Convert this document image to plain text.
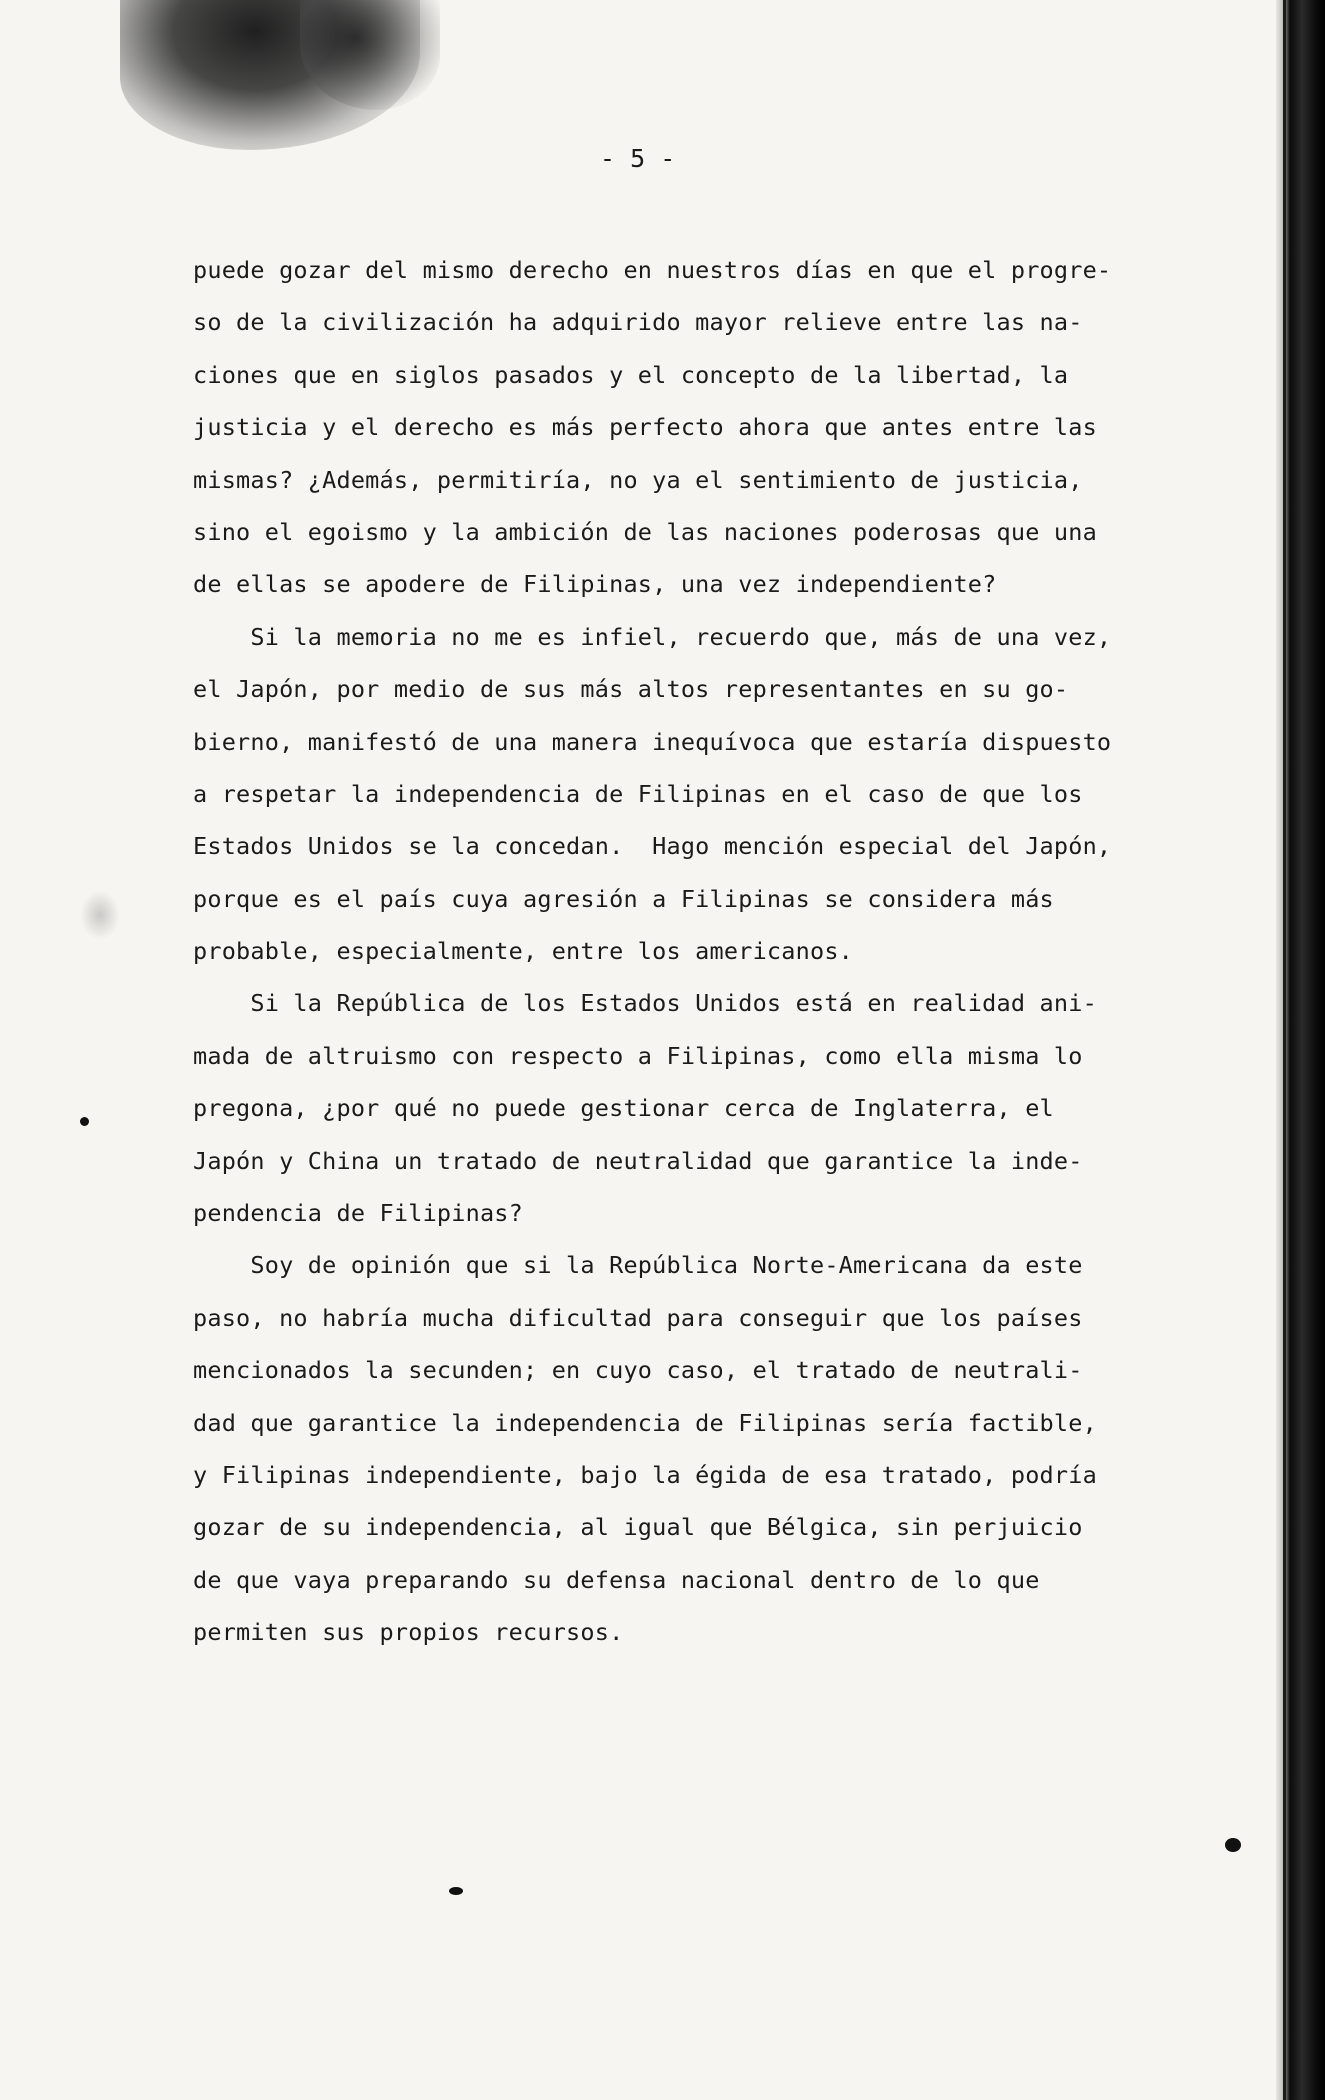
- 5 -
puede gozar del mismo derecho en nuestros días en que el progre-
so de la civilización ha adquirido mayor relieve entre las na-
ciones que en siglos pasados y el concepto de la libertad, la
justicia y el derecho es más perfecto ahora que antes entre las
mismas? ¿Además, permitiría, no ya el sentimiento de justicia,
sino el egoismo y la ambición de las naciones poderosas que una
de ellas se apodere de Filipinas, una vez independiente?
Si la memoria no me es infiel, recuerdo que, más de una vez,
el Japón, por medio de sus más altos representantes en su go-
bierno, manifestó de una manera inequívoca que estaría dispuesto
a respetar la independencia de Filipinas en el caso de que los
Estados Unidos se la concedan.  Hago mención especial del Japón,
porque es el país cuya agresión a Filipinas se considera más
probable, especialmente, entre los americanos.
Si la República de los Estados Unidos está en realidad ani-
mada de altruismo con respecto a Filipinas, como ella misma lo
pregona, ¿por qué no puede gestionar cerca de Inglaterra, el
Japón y China un tratado de neutralidad que garantice la inde-
pendencia de Filipinas?
Soy de opinión que si la República Norte-Americana da este
paso, no habría mucha dificultad para conseguir que los países
mencionados la secunden; en cuyo caso, el tratado de neutrali-
dad que garantice la independencia de Filipinas sería factible,
y Filipinas independiente, bajo la égida de esa tratado, podría
gozar de su independencia, al igual que Bélgica, sin perjuicio
de que vaya preparando su defensa nacional dentro de lo que
permiten sus propios recursos.
